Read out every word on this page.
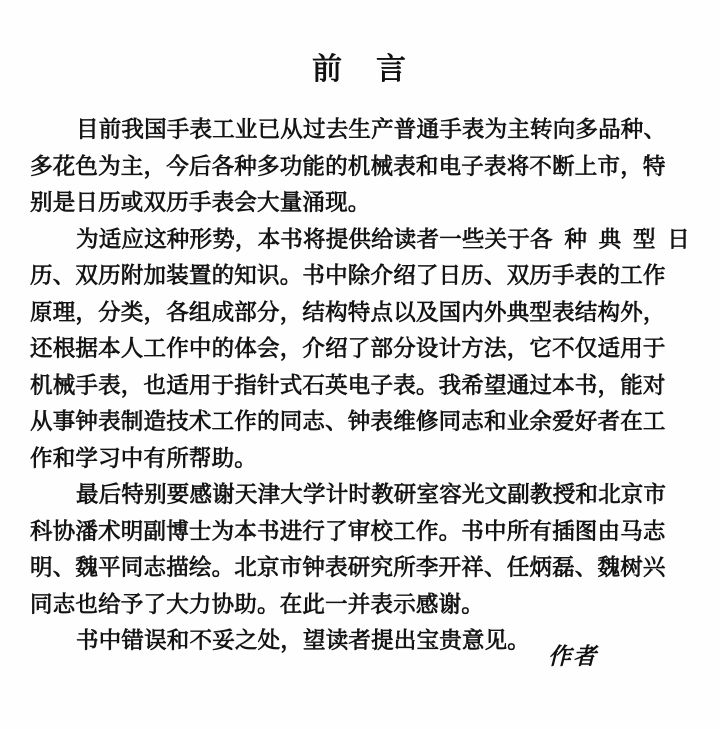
前　言
目前我国手表工业已从过去生产普通手表为主转向多品种、
多花色为主，今后各种多功能的机械表和电子表将不断上市，特
别是日历或双历手表会大量涌现。
为适应这种形势，本书将提供给读者一些关于各 种 典 型 日
历、双历附加装置的知识。书中除介绍了日历、双历手表的工作
原理，分类，各组成部分，结构特点以及国内外典型表结构外，
还根据本人工作中的体会，介绍了部分设计方法，它不仅适用于
机械手表，也适用于指针式石英电子表。我希望通过本书，能对
从事钟表制造技术工作的同志、钟表维修同志和业余爱好者在工
作和学习中有所帮助。
最后特别要感谢天津大学计时教研室容光文副教授和北京市
科协潘术明副博士为本书进行了审校工作。书中所有插图由马志
明、魏平同志描绘。北京市钟表研究所李开祥、任炳磊、魏树兴
同志也给予了大力协助。在此一并表示感谢。
书中错误和不妥之处，望读者提出宝贵意见。
作者
